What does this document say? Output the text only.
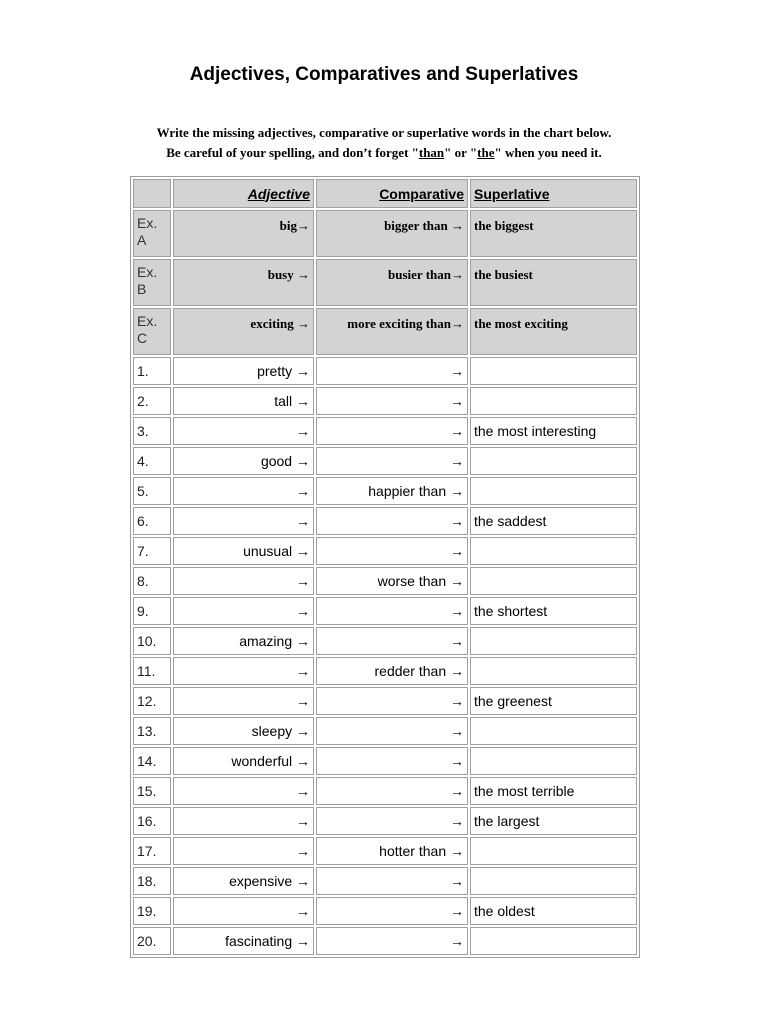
Adjectives, Comparatives and Superlatives
Write the missing adjectives, comparative or superlative words in the chart below.
Be careful of your spelling, and don’t forget "than" or "the" when you need it.
	Adjective	Comparative	Superlative
Ex. A	big→	bigger than →	the biggest
Ex. B	busy →	busier than→	the busiest
Ex. C	exciting →	more exciting than→	the most exciting
1.	pretty →	→	
2.	tall →	→	
3.	→	→	the most interesting
4.	good →	→	
5.	→	happier than →	
6.	→	→	the saddest
7.	unusual →	→	
8.	→	worse than →	
9.	→	→	the shortest
10.	amazing →	→	
11.	→	redder than →	
12.	→	→	the greenest
13.	sleepy →	→	
14.	wonderful →	→	
15.	→	→	the most terrible
16.	→	→	the largest
17.	→	hotter than →	
18.	expensive →	→	
19.	→	→	the oldest
20.	fascinating →	→	
